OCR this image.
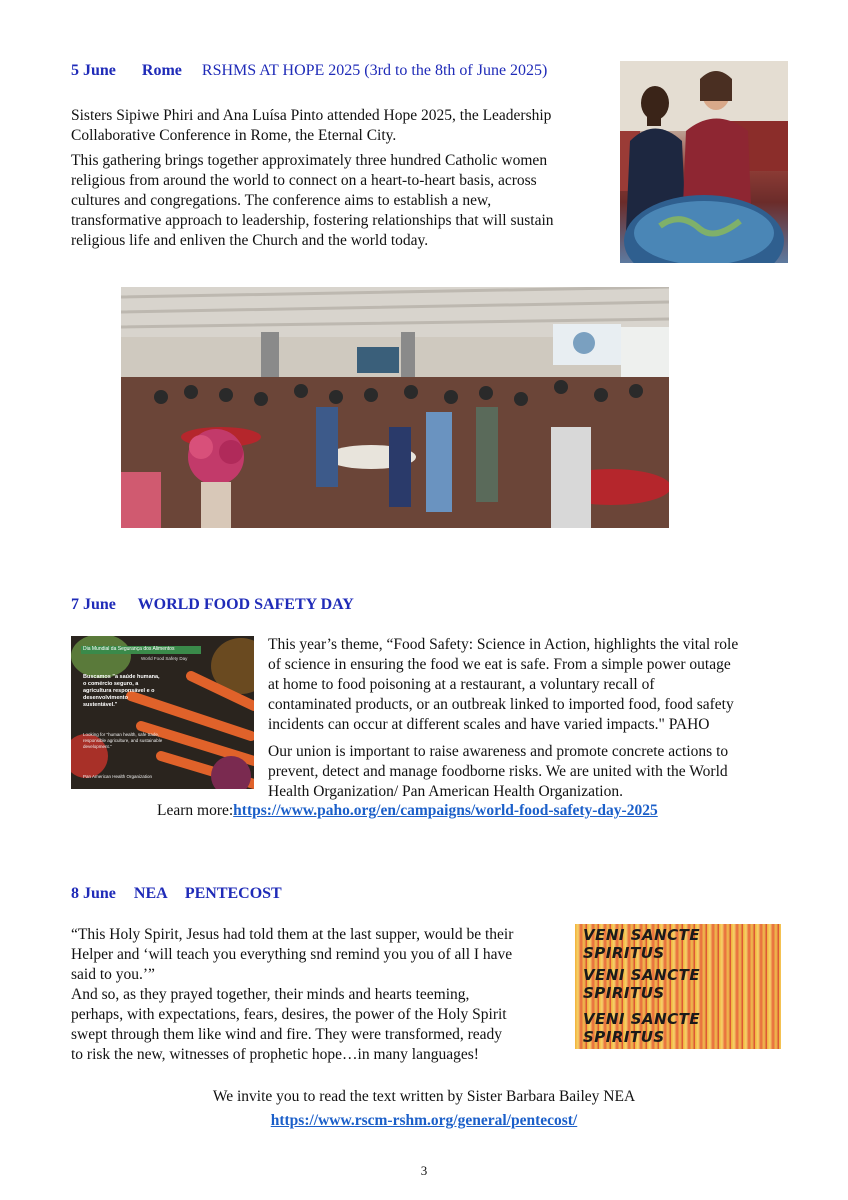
5 June Rome RSHMS AT HOPE 2025 (3rd to the 8th of June 2025)
Sisters Sipiwe Phiri and Ana Luísa Pinto attended Hope 2025, the Leadership
Collaborative Conference in Rome, the Eternal City.
This gathering brings together approximately three hundred Catholic women
religious from around the world to connect on a heart-to-heart basis, across
cultures and congregations. The conference aims to establish a new,
transformative approach to leadership, fostering relationships that will sustain
religious life and enliven the Church and the world today.
7 June WORLD FOOD SAFETY DAY
Dia Mundial da Segurança dos Alimentos
World Food Safety Day
Buscamos "a saúde humana, o comércio seguro, a agricultura responsável e o desenvolvimento sustentável."
Looking for "human health, safe trade, responsible agriculture, and sustainable development."
Pan American Health Organization
This year’s theme, “Food Safety: Science in Action, highlights the vital role
of science in ensuring the food we eat is safe. From a simple power outage
at home to food poisoning at a restaurant, a voluntary recall of
contaminated products, or an outbreak linked to imported food, food safety
incidents can occur at different scales and have varied impacts." PAHO
Our union is important to raise awareness and promote concrete actions to
prevent, detect and manage foodborne risks. We are united with the World
Health Organization/ Pan American Health Organization.
Learn more:https://www.paho.org/en/campaigns/world-food-safety-day-2025
8 June NEA PENTECOST
“This Holy Spirit, Jesus had told them at the last supper, would be their
Helper and ‘will teach you everything snd remind you you of all I have
said to you.’”
And so, as they prayed together, their minds and hearts teeming,
perhaps, with expectations, fears, desires, the power of the Holy Spirit
swept through them like wind and fire. They were transformed, ready
to risk the new, witnesses of prophetic hope…in many languages!
VENI SANCTE SPIRITUS
VENI SANCTE SPIRITUS
VENI SANCTE SPIRITUS
We invite you to read the text written by Sister Barbara Bailey NEA
https://www.rscm-rshm.org/general/pentecost/
3
